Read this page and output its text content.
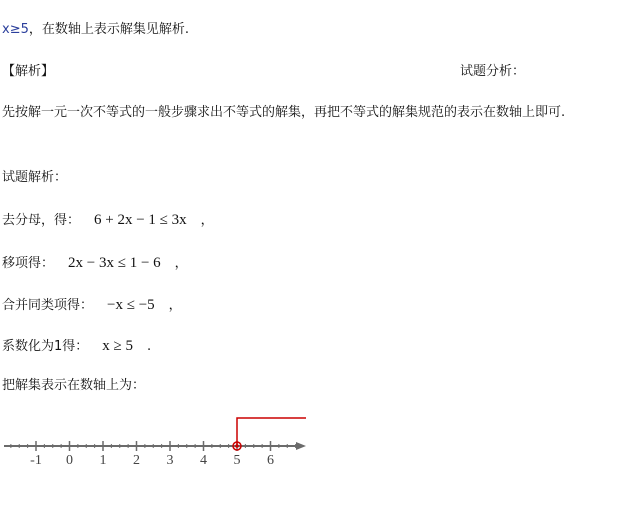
x≥5，在数轴上表示解集见解析.
【解析】	试题分析：
先按解一元一次不等式的一般步骤求出不等式的解集，再把不等式的解集规范的表示在数轴上即可.
试题解析：
去分母，得： 6 + 2x − 1 ≤ 3x ，
移项得： 2x − 3x ≤ 1 − 6 ，
合并同类项得： −x ≤ −5 ，
系数化为1得： x ≥ 5 .
把解集表示在数轴上为：
-1 0 1 2 3 4 5 6
